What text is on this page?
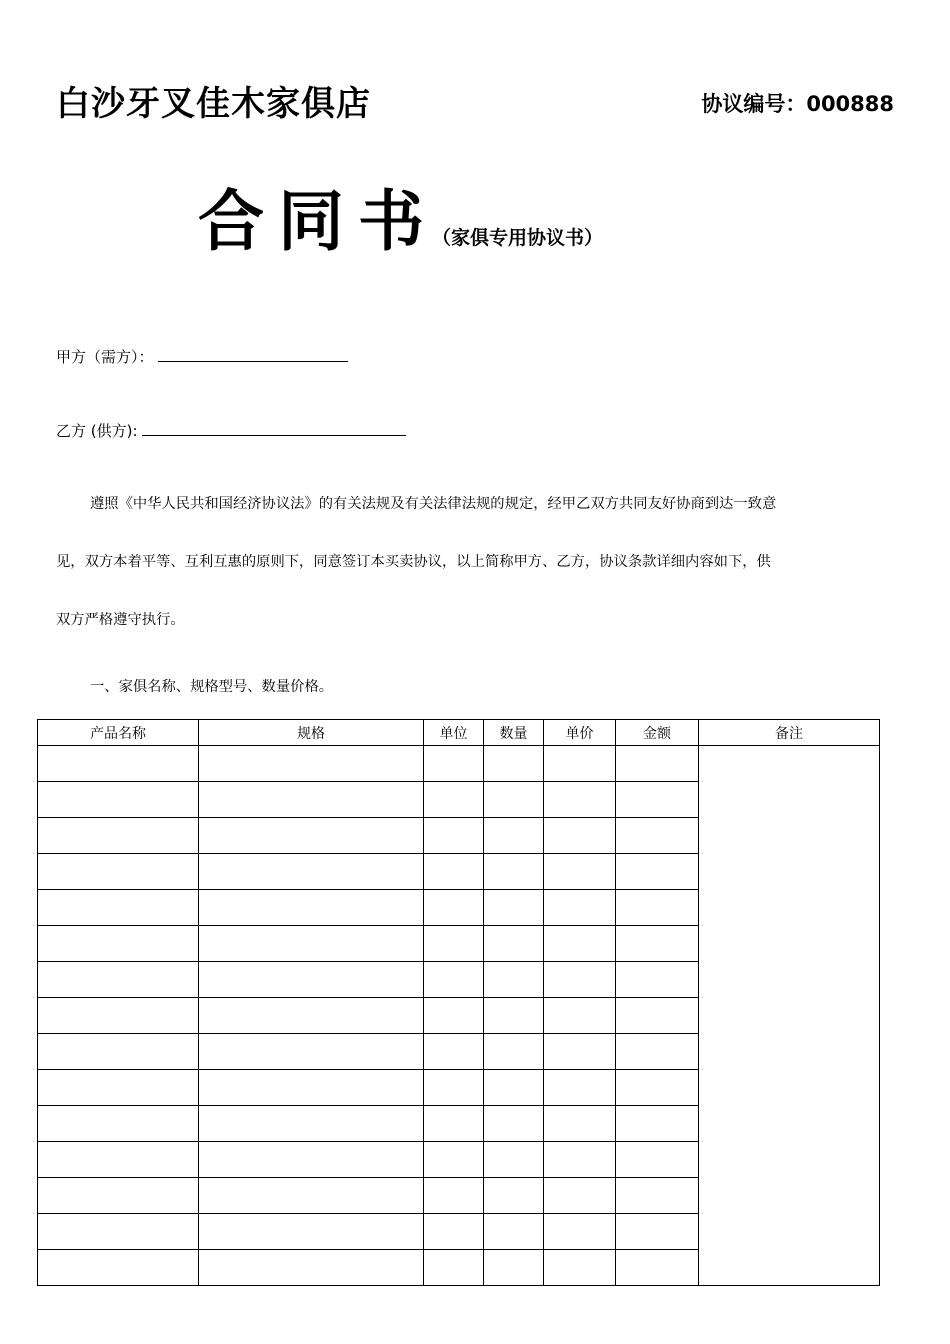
白沙牙叉佳木家俱店	协议编号：000888
合同书（家俱专用协议书）
甲方（需方）：
乙方 (供方):
遵照《中华人民共和国经济协议法》的有关法规及有关法律法规的规定，经甲乙双方共同友好协商到达一致意
见，双方本着平等、互利互惠的原则下，同意签订本买卖协议，以上简称甲方、乙方，协议条款详细内容如下，供
双方严格遵守执行。
一、家俱名称、规格型号、数量价格。
产品名称	规格	单位	数量	单价	金额	备注
